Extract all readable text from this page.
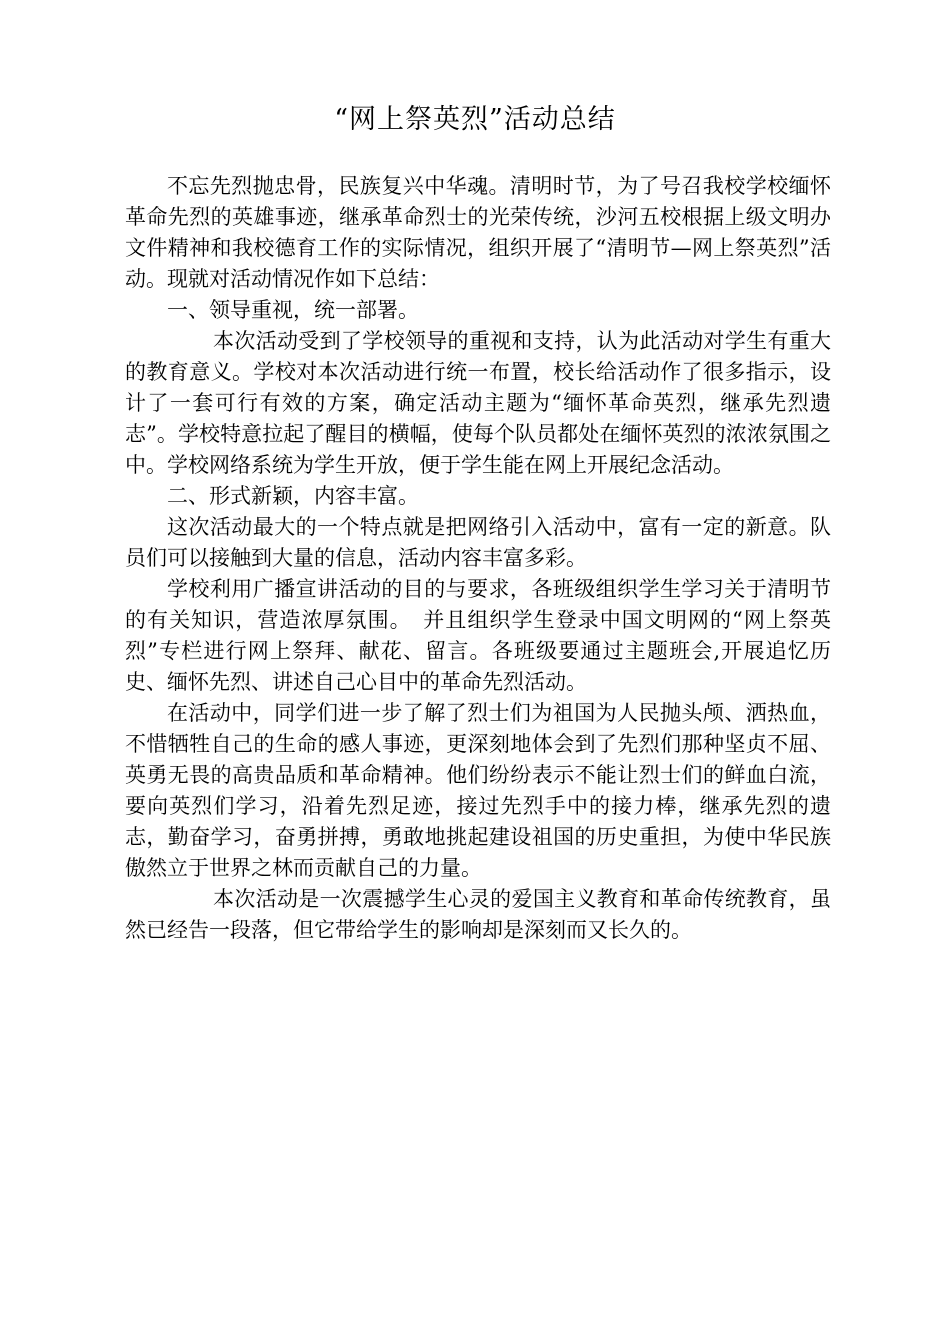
“网上祭英烈”活动总结

不忘先烈抛忠骨，民族复兴中华魂。清明时节，为了号召我校学校缅怀革命先烈的英雄事迹，继承革命烈士的光荣传统，沙河五校根据上级文明办文件精神和我校德育工作的实际情况，组织开展了“清明节—网上祭英烈”活动。现就对活动情况作如下总结：

一、领导重视，统一部署。

本次活动受到了学校领导的重视和支持，认为此活动对学生有重大的教育意义。学校对本次活动进行统一布置，校长给活动作了很多指示，设计了一套可行有效的方案，确定活动主题为“缅怀革命英烈，继承先烈遗志”。学校特意拉起了醒目的横幅，使每个队员都处在缅怀英烈的浓浓氛围之中。学校网络系统为学生开放，便于学生能在网上开展纪念活动。

二、形式新颖，内容丰富。

这次活动最大的一个特点就是把网络引入活动中，富有一定的新意。队员们可以接触到大量的信息，活动内容丰富多彩。

学校利用广播宣讲活动的目的与要求，各班级组织学生学习关于清明节的有关知识，营造浓厚氛围。　并且组织学生登录中国文明网的“网上祭英烈”专栏进行网上祭拜、献花、留言。各班级要通过主题班会,开展追忆历史、缅怀先烈、讲述自己心目中的革命先烈活动。

在活动中，同学们进一步了解了烈士们为祖国为人民抛头颅、洒热血，不惜牺牲自己的生命的感人事迹，更深刻地体会到了先烈们那种坚贞不屈、英勇无畏的高贵品质和革命精神。他们纷纷表示不能让烈士们的鲜血白流，要向英烈们学习，沿着先烈足迹，接过先烈手中的接力棒，继承先烈的遗志，勤奋学习，奋勇拼搏，勇敢地挑起建设祖国的历史重担，为使中华民族傲然立于世界之林而贡献自己的力量。

本次活动是一次震撼学生心灵的爱国主义教育和革命传统教育，虽然已经告一段落，但它带给学生的影响却是深刻而又长久的。
